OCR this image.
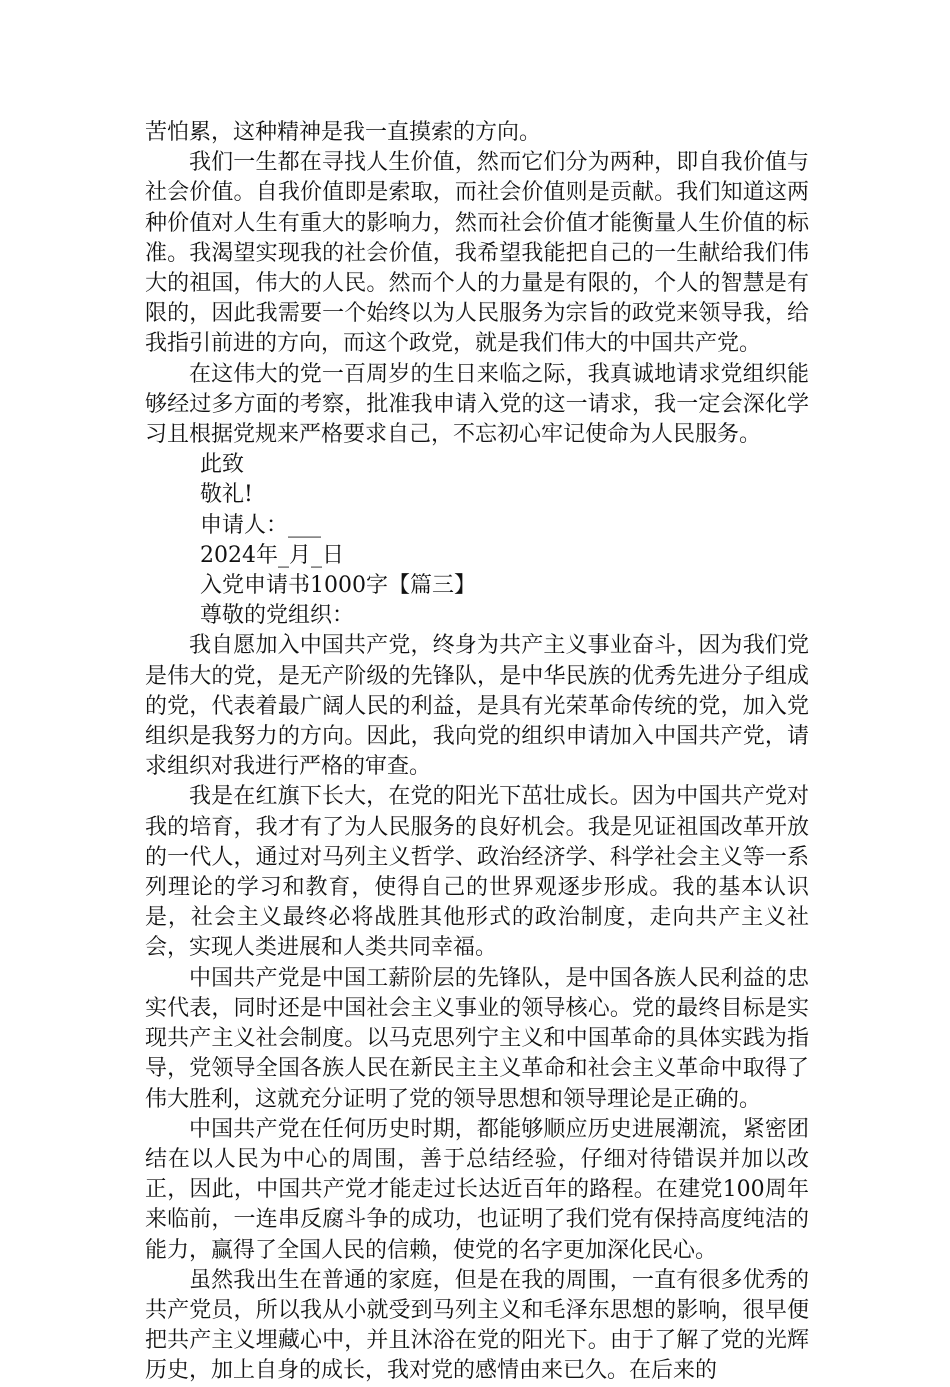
苦怕累，这种精神是我一直摸索的方向。

我们一生都在寻找人生价值，然而它们分为两种，即自我价值与社会价值。自我价值即是索取，而社会价值则是贡献。我们知道这两种价值对人生有重大的影响力，然而社会价值才能衡量人生价值的标准。我渴望实现我的社会价值，我希望我能把自己的一生献给我们伟大的祖国，伟大的人民。然而个人的力量是有限的，个人的智慧是有限的，因此我需要一个始终以为人民服务为宗旨的政党来领导我，给我指引前进的方向，而这个政党，就是我们伟大的中国共产党。

在这伟大的党一百周岁的生日来临之际，我真诚地请求党组织能够经过多方面的考察，批准我申请入党的这一请求，我一定会深化学习且根据党规来严格要求自己，不忘初心牢记使命为人民服务。

此致

敬礼!

申请人：___

2024年_月_日

入党申请书1000字【篇三】

尊敬的党组织：

我自愿加入中国共产党，终身为共产主义事业奋斗，因为我们党是伟大的党，是无产阶级的先锋队，是中华民族的优秀先进分子组成的党，代表着最广阔人民的利益，是具有光荣革命传统的党，加入党组织是我努力的方向。因此，我向党的组织申请加入中国共产党，请求组织对我进行严格的审查。

我是在红旗下长大，在党的阳光下茁壮成长。因为中国共产党对我的培育，我才有了为人民服务的良好机会。我是见证祖国改革开放的一代人，通过对马列主义哲学、政治经济学、科学社会主义等一系列理论的学习和教育，使得自己的世界观逐步形成。我的基本认识是，社会主义最终必将战胜其他形式的政治制度，走向共产主义社会，实现人类进展和人类共同幸福。

中国共产党是中国工薪阶层的先锋队，是中国各族人民利益的忠实代表，同时还是中国社会主义事业的领导核心。党的最终目标是实现共产主义社会制度。以马克思列宁主义和中国革命的具体实践为指导，党领导全国各族人民在新民主主义革命和社会主义革命中取得了伟大胜利，这就充分证明了党的领导思想和领导理论是正确的。

中国共产党在任何历史时期，都能够顺应历史进展潮流，紧密团结在以人民为中心的周围，善于总结经验，仔细对待错误并加以改正，因此，中国共产党才能走过长达近百年的路程。在建党100周年来临前，一连串反腐斗争的成功，也证明了我们党有保持高度纯洁的能力，赢得了全国人民的信赖，使党的名字更加深化民心。

虽然我出生在普通的家庭，但是在我的周围，一直有很多优秀的共产党员，所以我从小就受到马列主义和毛泽东思想的影响，很早便把共产主义埋藏心中，并且沐浴在党的阳光下。由于了解了党的光辉历史，加上自身的成长，我对党的感情由来已久。在后来的
